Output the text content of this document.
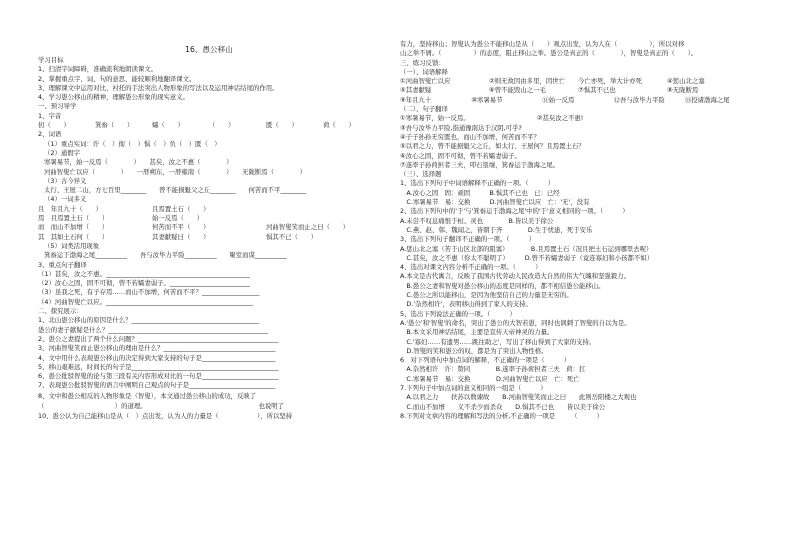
16、愚公移山
学习目标
1、扫清字词障碍，准确流利地朗读课文。
2、掌握重点字、词、句的意思，能较顺利地翻译课文。
3、理解课文中运用对比、衬托的手法突出人物形象的写法以及运用神话结尾的作用。
4、学习愚公移山的精神，理解愚公形象的现实意义。
一、预习导学
1、字音
仞（　　）	箕畚（　　）	孀（　　）	（　　）	匮（　　）	荷（　　）
2、词语
（1）重点实词：许（　）彻（　）惧（　）负（　）匮（　）
（2）通假字
寒暑易节，始一反焉（　　　　）　　甚矣，汝之不惠（　　　　）
河曲智叟亡以应（　　　　）　　一厝朔东，一厝雍南（　　　　）　　无陇断焉（　　　　）
（3）古今异义
太行、王屋二山，方七百里________　　曾不能损魁父之丘________　　何苦而不平________
（4）一词多义
且　年且九十（　　）	且焉置土石（　　）
焉　且焉置土石（　　）	始一反焉（　　）
而　而山不加增（　　）	何苦而不平（　　）	河曲智叟笑而止之曰（　　）
其　其如土石何（　　）	其妻献疑曰（　　）	惧其不已（　　）
（5）词类活用现象
箕畚运于渤海之尾__________　　吾与汝毕力平险__________　　聚室而谋__________
3、重点句子翻译
（1）甚矣，汝之不惠。_____________________________________________
（2）汝心之固，固不可彻，曾不若孀妻弱子。_________________________
（3）虽我之死，有子存焉……而山不加增，何苦而不平？__________________
（4）河曲智叟亡以应。______________________________________________
二、探究展示：
1、北山愚公移山的原因是什么？________________________________________
愚公的妻子献疑是什么？__________________________________________________
2、愚公之妻提出了两个什么问题？____________________________________________
3、河曲智叟笑而止愚公移山的理由是什么？___________________________________
4、文中用什么表现愚公移山的决定得到大家支持的句子是_______________________
5、移山艰难远，时间长的句子是______________________________________________
6、愚公批驳智叟的论与第三段有关内容形成对比的一句是________________________
7、表现愚公批驳智叟的语言中阐明自己观点的句子是___________________________
8、文中和愚公相反的人物形象是（智叟），本文通过愚公移山的成功，反映了
（　　　　　　　　　　　）的道理。　　　　　　　　　　　　　　　　　　也说明了
10、愚公认为自己能移山是从（　）点出发，认为人的力量是（　　　　　　），所以坚持
有力，坚持移山；智叟认为愚公不能移山是从（　　）观点出发，认为人在（　　　　　），所以对移
山之举不屑。（　　　　　）的态度，阻止移山之举。愚公是真正的（　　　　），智叟是真正的（　　）。
三、练习反馈：
（一）、词语解释
①河曲智叟亡以应	②则无故因由多里，因世亡	今亡亦死，举大计亦死	④惩山北之塞
⑤其妻献疑	⑥曾不能毁山之一毛	⑦惧其不已也	⑧无陇断焉
⑨年且九十	⑩寒暑易节	⑪始一反焉	⑫吾与汝毕力平险	⑬投诸渤海之尾
（二）、句子翻译
①寒暑易节，始一反焉。　　　　　　　　　　　②甚矣汝之不惠!
③吾与汝毕力平险,指通豫南达于汉阴,可乎?
④子子孙孙无穷匮也，而山不加增，何苦而不平？
⑤以君之力，曾不能损魁父之丘，如太行、王屋何？且焉置土石？
⑥汝心之固，固不可彻，曾不若孀妻弱子。
⑦遂率子孙荷担者三夫，叩石垦壤，箕畚运于渤海之尾。
（三）、选择题
1、选出下列句子中词语解释不正确的一项。（　　　）
　A.汝心之固　固：顽固　　　B.惧其不已也　已：已经
　C.寒暑易节　易：交换　　　D.河曲智叟亡以应　亡：'无'，没有
2、选出下列句中的'于'与'箕畚运于渤海之尾'中的'于'意义相同的一项。（　　　）
A.未尝不叹息痛恨于桓、灵也　　　　B.皆以美于徐公
　C.燕、赵、韩、魏闻之，皆朝于齐　　　　D.生于忧患，死于安乐
3、选出下列句子翻译不正确的一项。（　　　）
A.惩山北之塞（苦于山区北部的阻塞）　　　　B.且焉置土石（况且把土石运到哪里去呢）
　C.甚矣，汝之不惠（你太不聪明了）　　　D.曾不若孀妻弱子（竟连寡妇和小孩都不如）
4、选出对课文内容分析不正确的一项。（　　　）
A.本文是古代寓言，反映了我国古代劳动人民改造大自然的伟大气魄和坚强毅力。
　B.愚公之妻和智叟对愚公移山的态度是同样的，都不相信愚公能移山。
　C.愚公之所以能移山，是因为他坚信自己的力量是无穷的。
　D.'杂然相许'，表明移山得到了家人的支持。
5、选出下列说法正确的一项。（　　　）
A.'愚公'和'智叟'的命名，突出了愚公的大智若愚，同时也讽刺了智叟的自以为是。
　B.本文采用神话结尾，主要是宣传天帝神灵的力量。
　C.'寡妇……有遗男……跳往助之'，写出了移山得到了大家的支持。
　D.智叟的笑和愚公的叹，都是为了突出人物性格。
6　对下列语句中加点词的解释，不正确的一项是（　　　）
　A.杂然相许　许：赞同　　　　B.遂率子孙荷担者三夫　荷：扛
　C.寒暑易节　易：交换　　　　D.河曲智叟亡以应　亡：死亡
7.下列句子中加点词的意义相同的一组是（　　　）
　A.以君之力　　扶苏以数谏故　　B.河曲智叟笑而止之曰　　此则岳阳楼之大观也
　C.而山不加增　　义不杀少而杀众　　D.惧其不已也　　皆以美于徐公
8.下列对文章内容的理解和写法的分析,不正确的一项是　　　（　　　）
